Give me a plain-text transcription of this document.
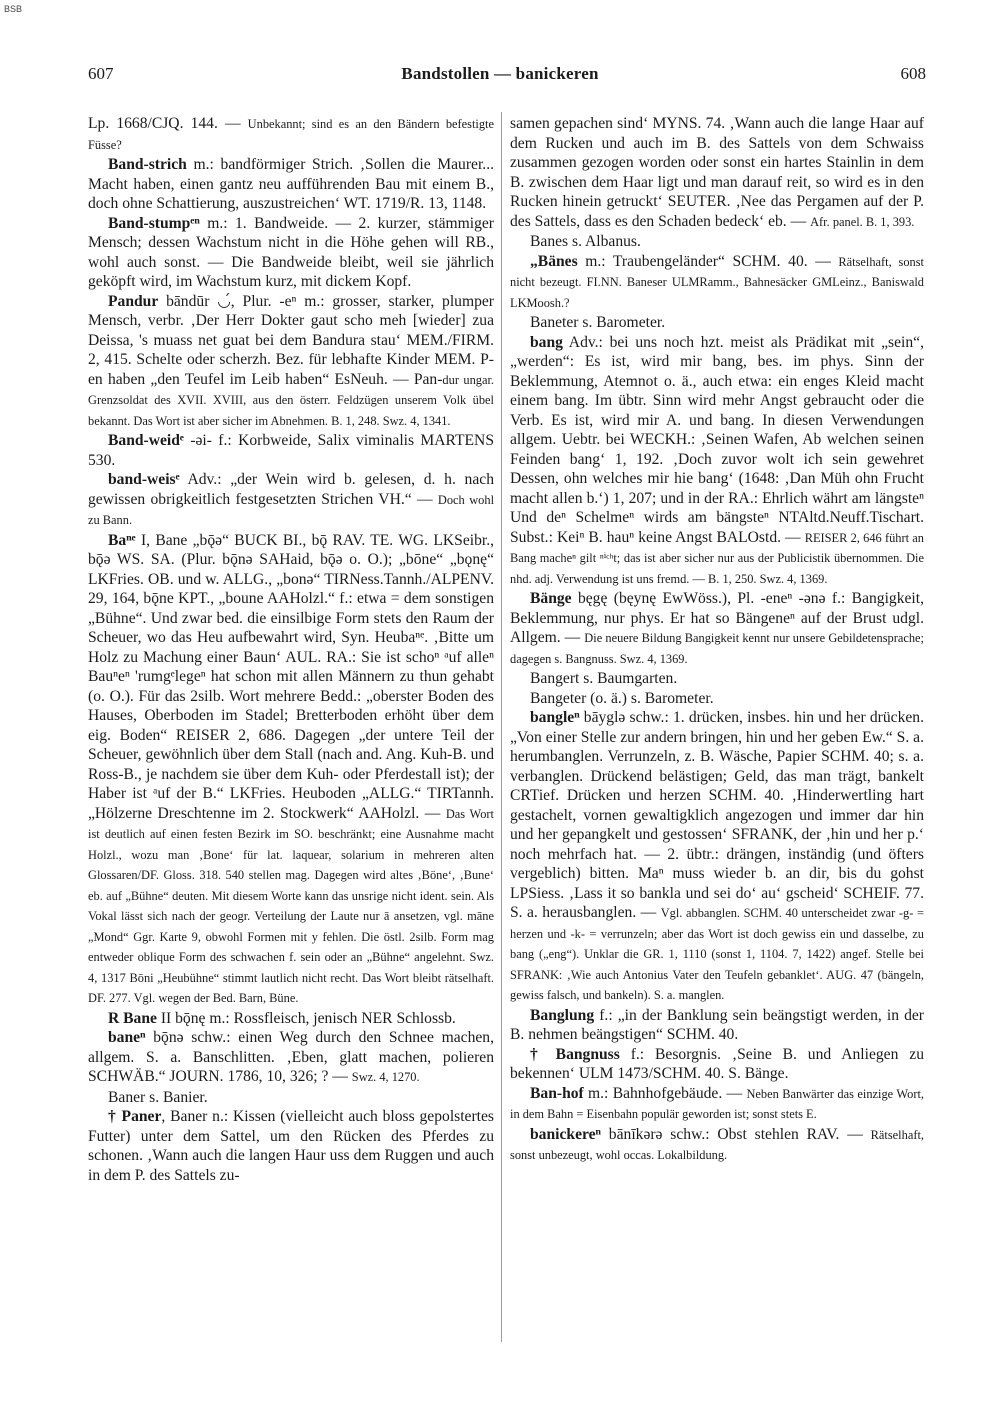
BSB
607	Bandstollen — banickeren	608
Lp. 1668/CJQ. 144. — Unbekannt; sind es an den Bändern befestigte Füsse?
Band-strich m.: bandförmiger Strich. ‚Sollen die Maurer... Macht haben, einen gantz neu aufführenden Bau mit einem B., doch ohne Schattierung, auszustreichen‘ WT. 1719/R. 13, 1148.
Band-stumpᵉⁿ m.: 1. Bandweide. — 2. kurzer, stämmiger Mensch; dessen Wachstum nicht in die Höhe gehen will RB., wohl auch sonst. — Die Bandweide bleibt, weil sie jährlich geköpft wird, im Wachstum kurz, mit dickem Kopf.
Pandur bāndūr ◡́, Plur. -eⁿ m.: grosser, starker, plumper Mensch, verbr. ‚Der Herr Dokter gaut scho meh [wieder] zua Deissa, 's muass net guat bei dem Bandura stau‘ MEM./FIRM. 2, 415. Schelte oder scherzh. Bez. für lebhafte Kinder MEM. P-en haben „den Teufel im Leib haben“ EsNeuh. — Pan-dur ungar. Grenzsoldat des XVII. XVIII, aus den österr. Feldzügen unserem Volk übel bekannt. Das Wort ist aber sicher im Abnehmen. B. 1, 248. Swz. 4, 1341.
Band-weidᵉ -əi- f.: Korbweide, Salix viminalis MARTENS 530.
band-weisᵉ Adv.: „der Wein wird b. gelesen, d. h. nach gewissen obrigkeitlich festgesetzten Strichen VH.“ — Doch wohl zu Bann.
Baⁿᵉ I, Bane „bǭə“ BUCK BI., bǭ RAV. TE. WG. LKSeibr., bǭə WS. SA. (Plur. bǭnə SAHaid, bǭə o. O.); „bōne“ „bǫnę“ LKFries. OB. und w. ALLG., „bonə“ TIRNess.Tannh./ALPENV. 29, 164, bǭne KPT., „boune AAHolzl.“ f.: etwa = dem sonstigen „Bühne“. Und zwar bed. die einsilbige Form stets den Raum der Scheuer, wo das Heu aufbewahrt wird, Syn. Heubaⁿᵉ. ‚Bitte um Holz zu Machung einer Baun‘ AUL. RA.: Sie ist schoⁿ ᵃuf alleⁿ Bauⁿeⁿ 'rumgᵉlegeⁿ hat schon mit allen Männern zu thun gehabt (o. O.). Für das 2silb. Wort mehrere Bedd.: „oberster Boden des Hauses, Oberboden im Stadel; Bretterboden erhöht über dem eig. Boden“ REISER 2, 686. Dagegen „der untere Teil der Scheuer, gewöhnlich über dem Stall (nach and. Ang. Kuh-B. und Ross-B., je nachdem sie über dem Kuh- oder Pferdestall ist); der Haber ist ᵃuf der B.“ LKFries. Heuboden „ALLG.“ TIRTannh. „Hölzerne Dreschtenne im 2. Stockwerk“ AAHolzl. — Das Wort ist deutlich auf einen festen Bezirk im SO. beschränkt; eine Ausnahme macht Holzl., wozu man ‚Bone‘ für lat. laquear, solarium in mehreren alten Glossaren/DF. Gloss. 318. 540 stellen mag. Dagegen wird altes ‚Böne‘, ‚Bune‘ eb. auf „Bühne“ deuten. Mit diesem Worte kann das unsrige nicht ident. sein. Als Vokal lässt sich nach der geogr. Verteilung der Laute nur ā ansetzen, vgl. māne „Mond“ Ggr. Karte 9, obwohl Formen mit y fehlen. Die östl. 2silb. Form mag entweder oblique Form des schwachen f. sein oder an „Bühne“ angelehnt. Swz. 4, 1317 Bōni „Heubühne“ stimmt lautlich nicht recht. Das Wort bleibt rätselhaft. DF. 277. Vgl. wegen der Bed. Barn, Büne.
R Bane II bǭnę m.: Rossfleisch, jenisch NER Schlossb.
baneⁿ bǭnə schw.: einen Weg durch den Schnee machen, allgem. S. a. Banschlitten. ‚Eben, glatt machen, polieren SCHWÄB.“ JOURN. 1786, 10, 326; ? — Swz. 4, 1270.
Baner s. Banier.
† Paner, Baner n.: Kissen (vielleicht auch bloss gepolstertes Futter) unter dem Sattel, um den Rücken des Pferdes zu schonen. ‚Wann auch die langen Haur uss dem Ruggen und auch in dem P. des Sattels zu-
samen gepachen sind‘ MYNS. 74. ‚Wann auch die lange Haar auf dem Rucken und auch im B. des Sattels von dem Schwaiss zusammen gezogen worden oder sonst ein hartes Stainlin in dem B. zwischen dem Haar ligt und man darauf reit, so wird es in den Rucken hinein getruckt‘ SEUTER. ‚Nee das Pergamen auf der P. des Sattels, dass es den Schaden bedeck‘ eb. — Afr. panel. B. 1, 393.
Banes s. Albanus.
„Bänes m.: Traubengeländer“ SCHM. 40. — Rätselhaft, sonst nicht bezeugt. FI.NN. Baneser ULMRamm., Bahnesäcker GMLeinz., Baniswald LKMoosh.?
Baneter s. Barometer.
bang Adv.: bei uns noch hzt. meist als Prädikat mit „sein“, „werden“: Es ist, wird mir bang, bes. im phys. Sinn der Beklemmung, Atemnot o. ä., auch etwa: ein enges Kleid macht einem bang. Im übtr. Sinn wird mehr Angst gebraucht oder die Verb. Es ist, wird mir A. und bang. In diesen Verwendungen allgem. Uebtr. bei WECKH.: ‚Seinen Wafen, Ab welchen seinen Feinden bang‘ 1, 192. ‚Doch zuvor wolt ich sein gewehret Dessen, ohn welches mir hie bang‘ (1648: ‚Dan Müh ohn Frucht macht allen b.‘) 1, 207; und in der RA.: Ehrlich währt am längsteⁿ Und deⁿ Schelmeⁿ wirds am bängsteⁿ NTAltd.Neuff.Tischart. Subst.: Keiⁿ B. hauⁿ keine Angst BALOstd. — REISER 2, 646 führt an Bang macheⁿ gilt ⁿⁱᶜʰt; das ist aber sicher nur aus der Publicistik übernommen. Die nhd. adj. Verwendung ist uns fremd. — B. 1, 250. Swz. 4, 1369.
Bänge bęgę (bęynę EwWöss.), Pl. -eneⁿ -ənə f.: Bangigkeit, Beklemmung, nur phys. Er hat so Bängeneⁿ auf der Brust udgl. Allgem. — Die neuere Bildung Bangigkeit kennt nur unsere Gebildetensprache; dagegen s. Bangnuss. Swz. 4, 1369.
Bangert s. Baumgarten.
Bangeter (o. ä.) s. Barometer.
bangleⁿ bāyglə schw.: 1. drücken, insbes. hin und her drücken. „Von einer Stelle zur andern bringen, hin und her geben Ew.“ S. a. herumbanglen. Verrunzeln, z. B. Wäsche, Papier SCHM. 40; s. a. verbanglen. Drückend belästigen; Geld, das man trägt, bankelt CRTief. Drücken und herzen SCHM. 40. ‚Hinderwertling hart gestachelt, vornen gewaltigklich angezogen und immer dar hin und her gepangkelt und gestossen‘ SFRANK, der ‚hin und her p.‘ noch mehrfach hat. — 2. übtr.: drängen, inständig (und öfters vergeblich) bitten. Maⁿ muss wieder b. an dir, bis du gohst LPSiess. ‚Lass it so bankla und sei do‘ au‘ gscheid‘ SCHEIF. 77. S. a. herausbanglen. — Vgl. abbanglen. SCHM. 40 unterscheidet zwar -g- = herzen und -k- = verrunzeln; aber das Wort ist doch gewiss ein und dasselbe, zu bang („eng“). Unklar die GR. 1, 1110 (sonst 1, 1104. 7, 1422) angef. Stelle bei SFRANK: ‚Wie auch Antonius Vater den Teufeln gebanklet‘. AUG. 47 (bängeln, gewiss falsch, und bankeln). S. a. manglen.
Banglung f.: „in der Banklung sein beängstigt werden, in der B. nehmen beängstigen“ SCHM. 40.
† Bangnuss f.: Besorgnis. ‚Seine B. und Anliegen zu bekennen‘ ULM 1473/SCHM. 40. S. Bänge.
Ban-hof m.: Bahnhofgebäude. — Neben Banwärter das einzige Wort, in dem Bahn = Eisenbahn populär geworden ist; sonst stets E.
banickereⁿ bānīkərə schw.: Obst stehlen RAV. — Rätselhaft, sonst unbezeugt, wohl occas. Lokalbildung.
